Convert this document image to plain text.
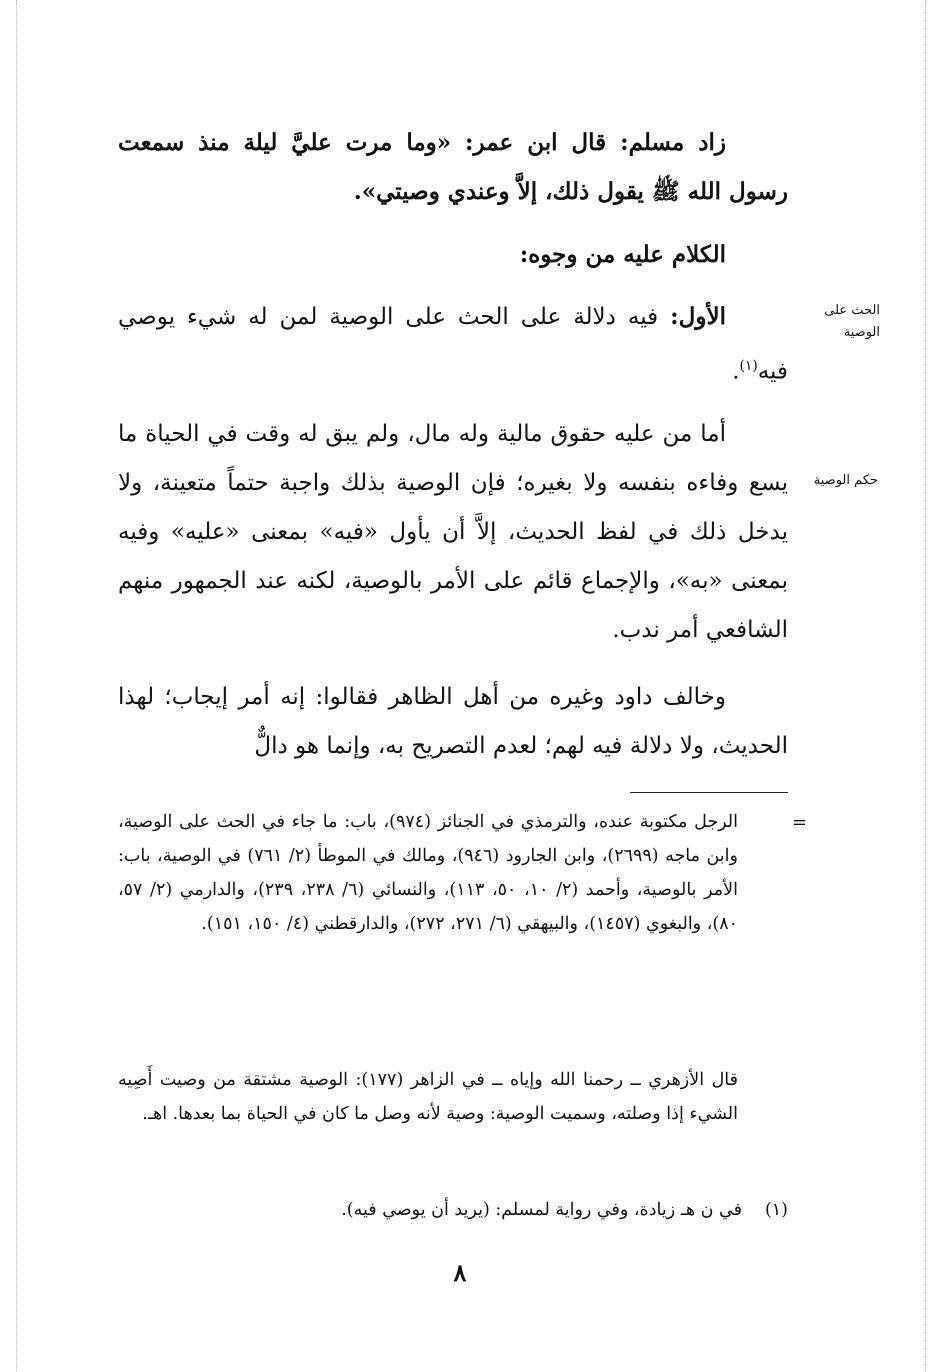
زاد مسلم: قال ابن عمر: «وما مرت عليَّ ليلة منذ سمعت رسول الله ﷺ يقول ذلك، إلاَّ وعندي وصيتي».
الكلام عليه من وجوه:
الأول: فيه دلالة على الحث على الوصية لمن له شيء يوصي فيه$^{(١)}$.
أما من عليه حقوق مالية وله مال، ولم يبق له وقت في الحياة ما يسع وفاءه بنفسه ولا بغيره؛ فإن الوصية بذلك واجبة حتماً متعينة، ولا يدخل ذلك في لفظ الحديث، إلاَّ أن يأول «فيه» بمعنى «عليه» وفيه بمعنى «به»، والإجماع قائم على الأمر بالوصية، لكنه عند الجمهور منهم الشافعي أمر ندب.
وخالف داود وغيره من أهل الظاهر فقالوا: إنه أمر إيجاب؛ لهذا الحديث، ولا دلالة فيه لهم؛ لعدم التصريح به، وإنما هو دالٌّ
الحث على
الوصية
حكم الوصية
=
الرجل مكتوبة عنده، والترمذي في الجنائز (٩٧٤)، باب: ما جاء في الحث على الوصية، وابن ماجه (٢٦٩٩)، وابن الجارود (٩٤٦)، ومالك في الموطأ (٢/ ٧٦١) في الوصية، باب: الأمر بالوصية، وأحمد (٢/ ١٠، ٥٠، ١١٣)، والنسائي (٦/ ٢٣٨، ٢٣٩)، والدارمي (٢/ ٥٧، ٨٠)، والبغوي (١٤٥٧)، والبيهقي (٦/ ٢٧١، ٢٧٢)، والدارقطني (٤/ ١٥٠، ١٥١).
قال الأزهري ــ رحمنا الله وإياه ــ في الزاهر (١٧٧): الوصية مشتقة من وصيت أَصِيه الشيء إذا وصلته، وسميت الوصية: وصية لأنه وصل ما كان في الحياة بما بعدها. اهـ.
(١)في ن هـ زيادة، وفي رواية لمسلم: (يريد أن يوصي فيه).
٨
